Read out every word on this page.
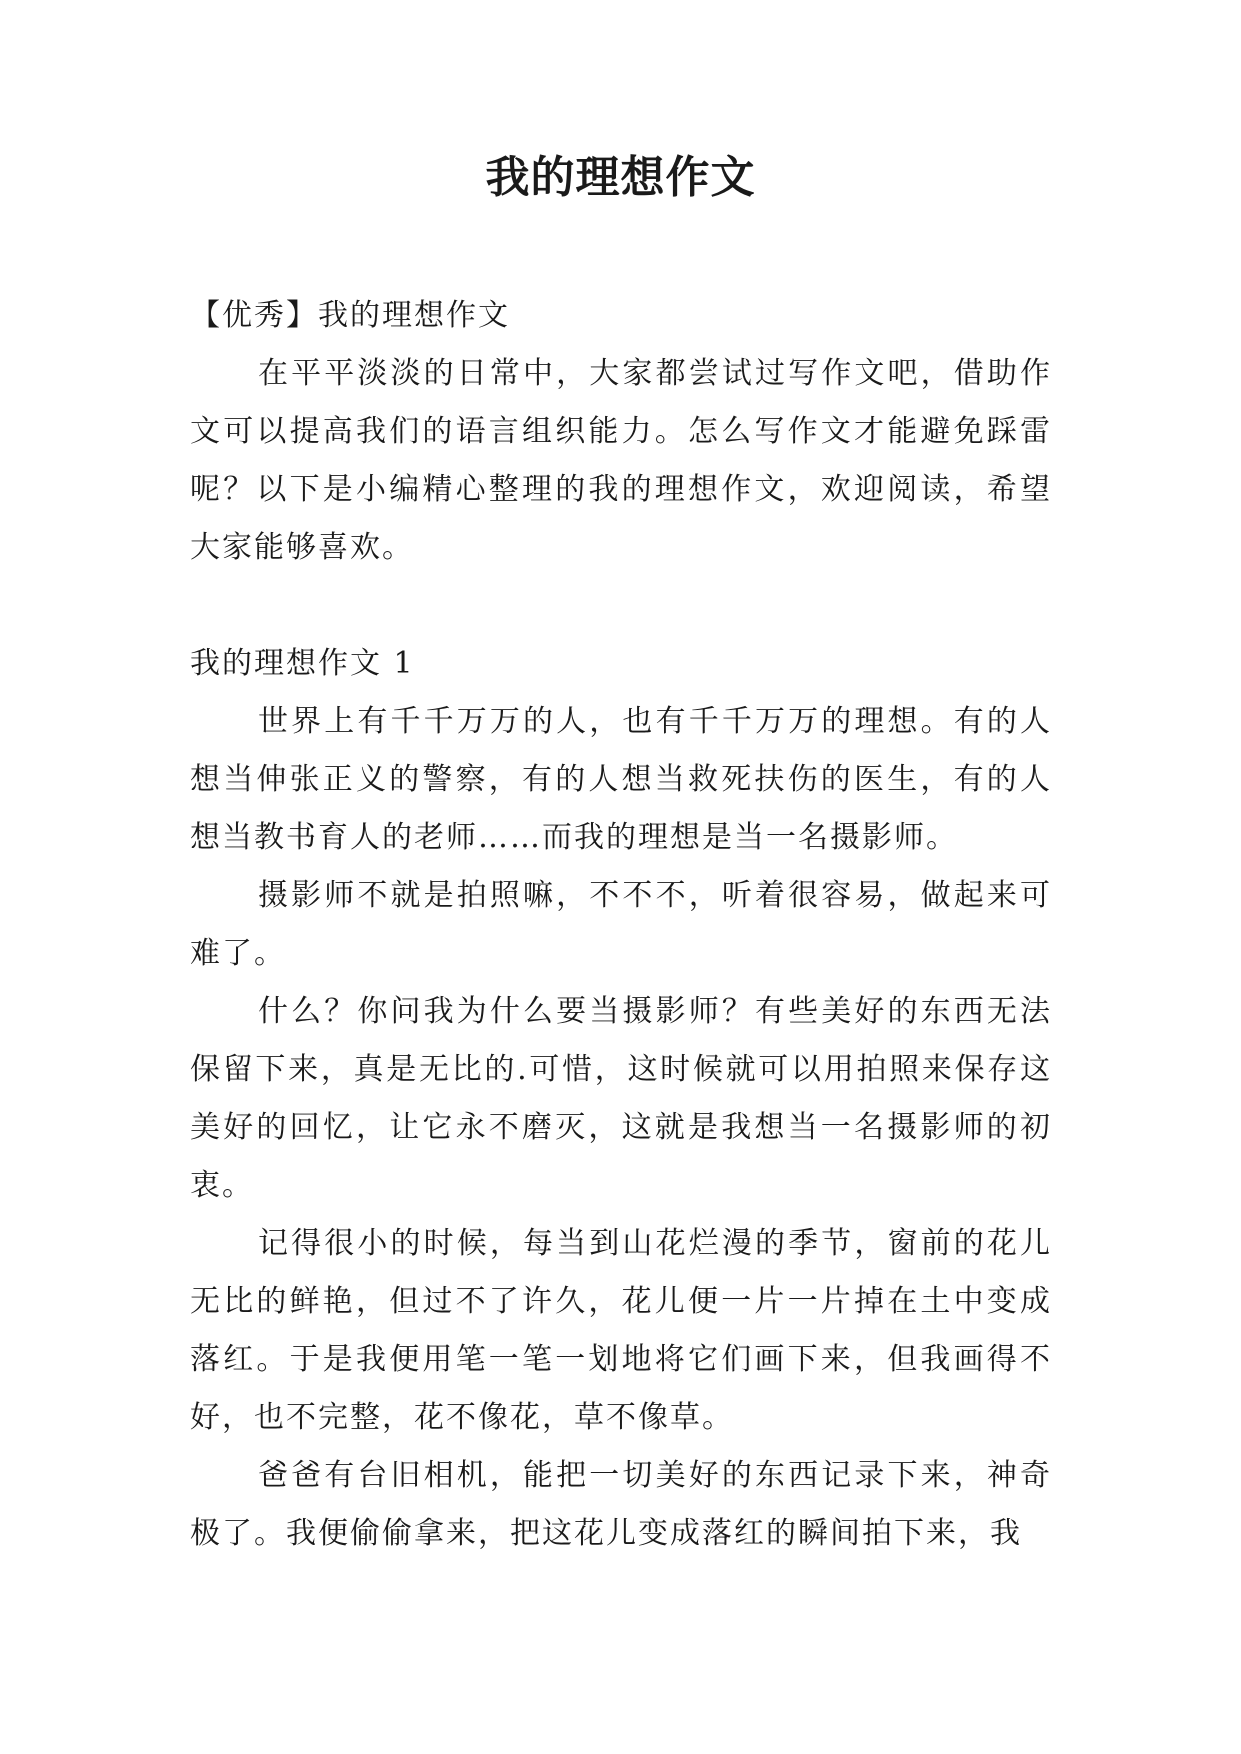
我的理想作文

【优秀】我的理想作文

在平平淡淡的日常中，大家都尝试过写作文吧，借助作文可以提高我们的语言组织能力。怎么写作文才能避免踩雷呢？以下是小编精心整理的我的理想作文，欢迎阅读，希望大家能够喜欢。

我的理想作文 1

世界上有千千万万的人，也有千千万万的理想。有的人想当伸张正义的警察，有的人想当救死扶伤的医生，有的人想当教书育人的老师……而我的理想是当一名摄影师。

摄影师不就是拍照嘛，不不不，听着很容易，做起来可难了。

什么？你问我为什么要当摄影师？有些美好的东西无法保留下来，真是无比的.可惜，这时候就可以用拍照来保存这美好的回忆，让它永不磨灭，这就是我想当一名摄影师的初衷。

记得很小的时候，每当到山花烂漫的季节，窗前的花儿无比的鲜艳，但过不了许久，花儿便一片一片掉在土中变成落红。于是我便用笔一笔一划地将它们画下来，但我画得不好，也不完整，花不像花，草不像草。

爸爸有台旧相机，能把一切美好的东西记录下来，神奇极了。我便偷偷拿来，把这花儿变成落红的瞬间拍下来，我
